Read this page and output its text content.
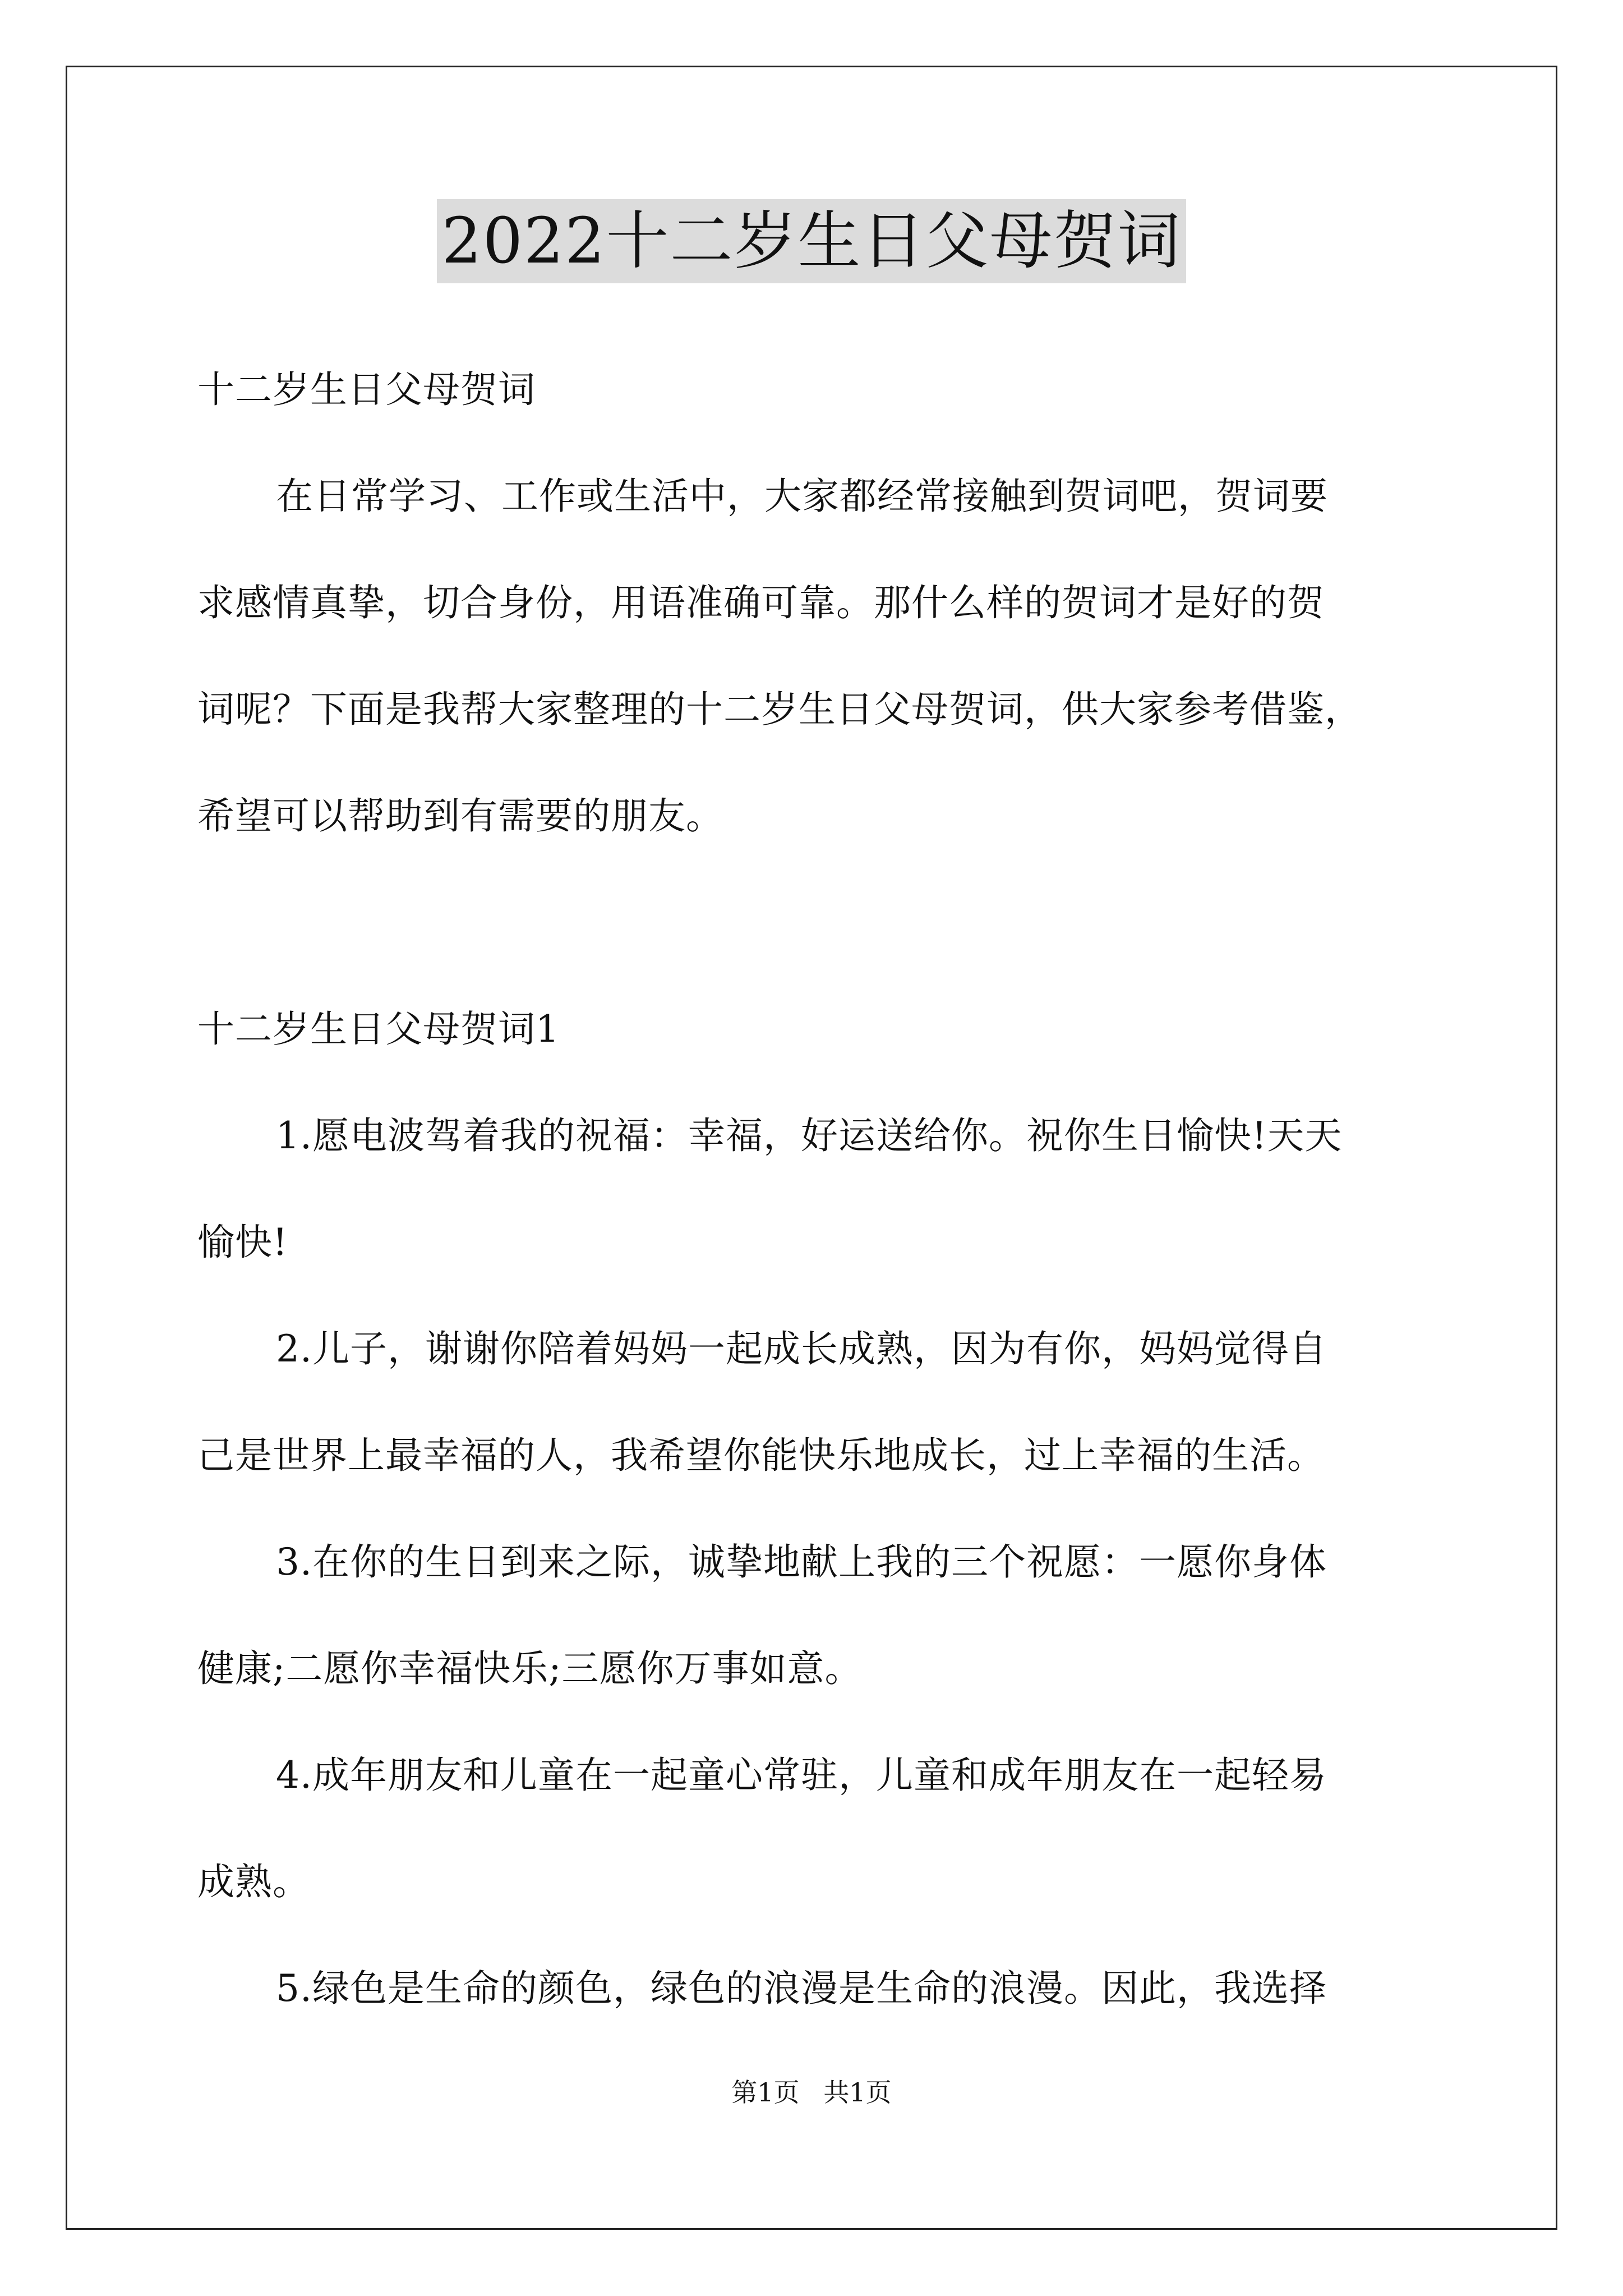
2022十二岁生日父母贺词
十二岁生日父母贺词
在日常学习、工作或生活中，大家都经常接触到贺词吧，贺词要
求感情真挚，切合身份，用语准确可靠。那什么样的贺词才是好的贺
词呢？下面是我帮大家整理的十二岁生日父母贺词，供大家参考借鉴，
希望可以帮助到有需要的朋友。
十二岁生日父母贺词1
1.愿电波驾着我的祝福：幸福，好运送给你。祝你生日愉快!天天
愉快!
2.儿子，谢谢你陪着妈妈一起成长成熟，因为有你，妈妈觉得自
己是世界上最幸福的人，我希望你能快乐地成长，过上幸福的生活。
3.在你的生日到来之际，诚挚地献上我的三个祝愿：一愿你身体
健康;二愿你幸福快乐;三愿你万事如意。
4.成年朋友和儿童在一起童心常驻，儿童和成年朋友在一起轻易
成熟。
5.绿色是生命的颜色，绿色的浪漫是生命的浪漫。因此，我选择
第1页 共1页
